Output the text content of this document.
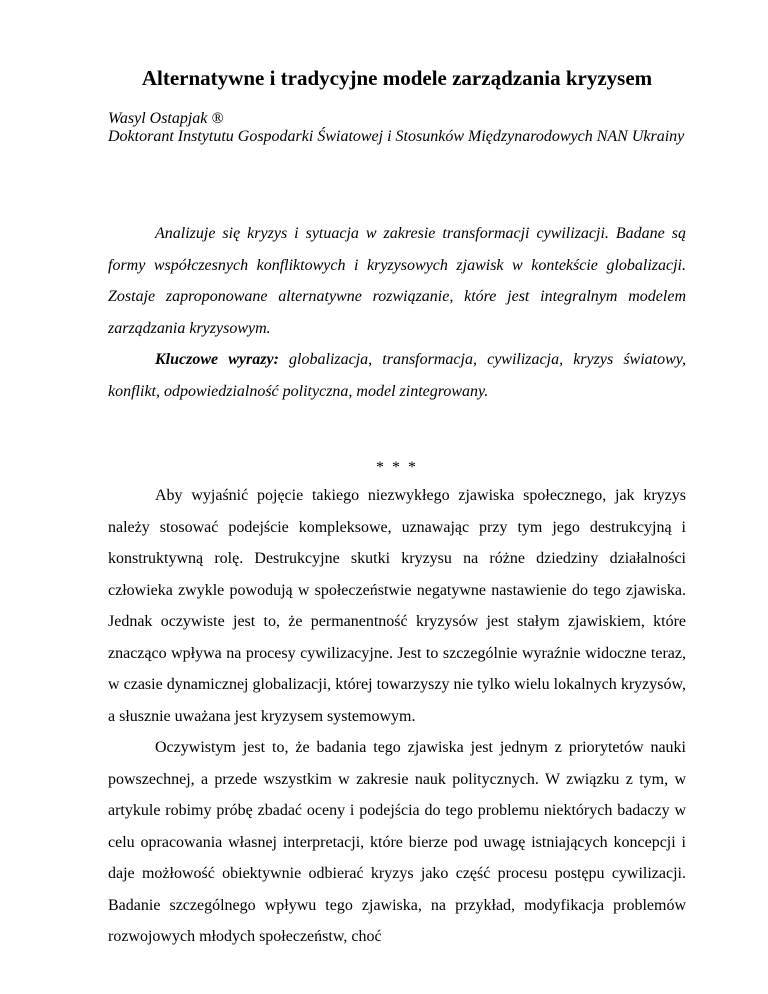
Alternatywne i tradycyjne modele zarządzania kryzysem
Wasyl Ostapjak ®
Doktorant Instytutu Gospodarki Światowej i Stosunków Międzynarodowych NAN Ukrainy

Analizuje się kryzys i sytuacja w zakresie transformacji cywilizacji. Badane są formy współczesnych konfliktowych i kryzysowych zjawisk w kontekście globalizacji. Zostaje zaproponowane alternatywne rozwiązanie, które jest integralnym modelem zarządzania kryzysowym.

Kluczowe wyrazy: globalizacja, transformacja, cywilizacja, kryzys światowy, konflikt, odpowiedzialność polityczna, model zintegrowany.

* * *

Aby wyjaśnić pojęcie takiego niezwykłego zjawiska społecznego, jak kryzys należy stosować podejście kompleksowe, uznawając przy tym jego destrukcyjną i konstruktywną rolę. Destrukcyjne skutki kryzysu na różne dziedziny działalności człowieka zwykle powodują w społeczeństwie negatywne nastawienie do tego zjawiska. Jednak oczywiste jest to, że permanentność kryzysów jest stałym zjawiskiem, które znacząco wpływa na procesy cywilizacyjne. Jest to szczególnie wyraźnie widoczne teraz, w czasie dynamicznej globalizacji, której towarzyszy nie tylko wielu lokalnych kryzysów, a słusznie uważana jest kryzysem systemowym.

Oczywistym jest to, że badania tego zjawiska jest jednym z priorytetów nauki powszechnej, a przede wszystkim w zakresie nauk politycznych. W związku z tym, w artykule robimy próbę zbadać oceny i podejścia do tego problemu niektórych badaczy w celu opracowania własnej interpretacji, które bierze pod uwagę istniających koncepcji i daje możłowość obiektywnie odbierać kryzys jako część procesu postępu cywilizacji. Badanie szczególnego wpływu tego zjawiska, na przykład, modyfikacja problemów rozwojowych młodych społeczeństw, choć
